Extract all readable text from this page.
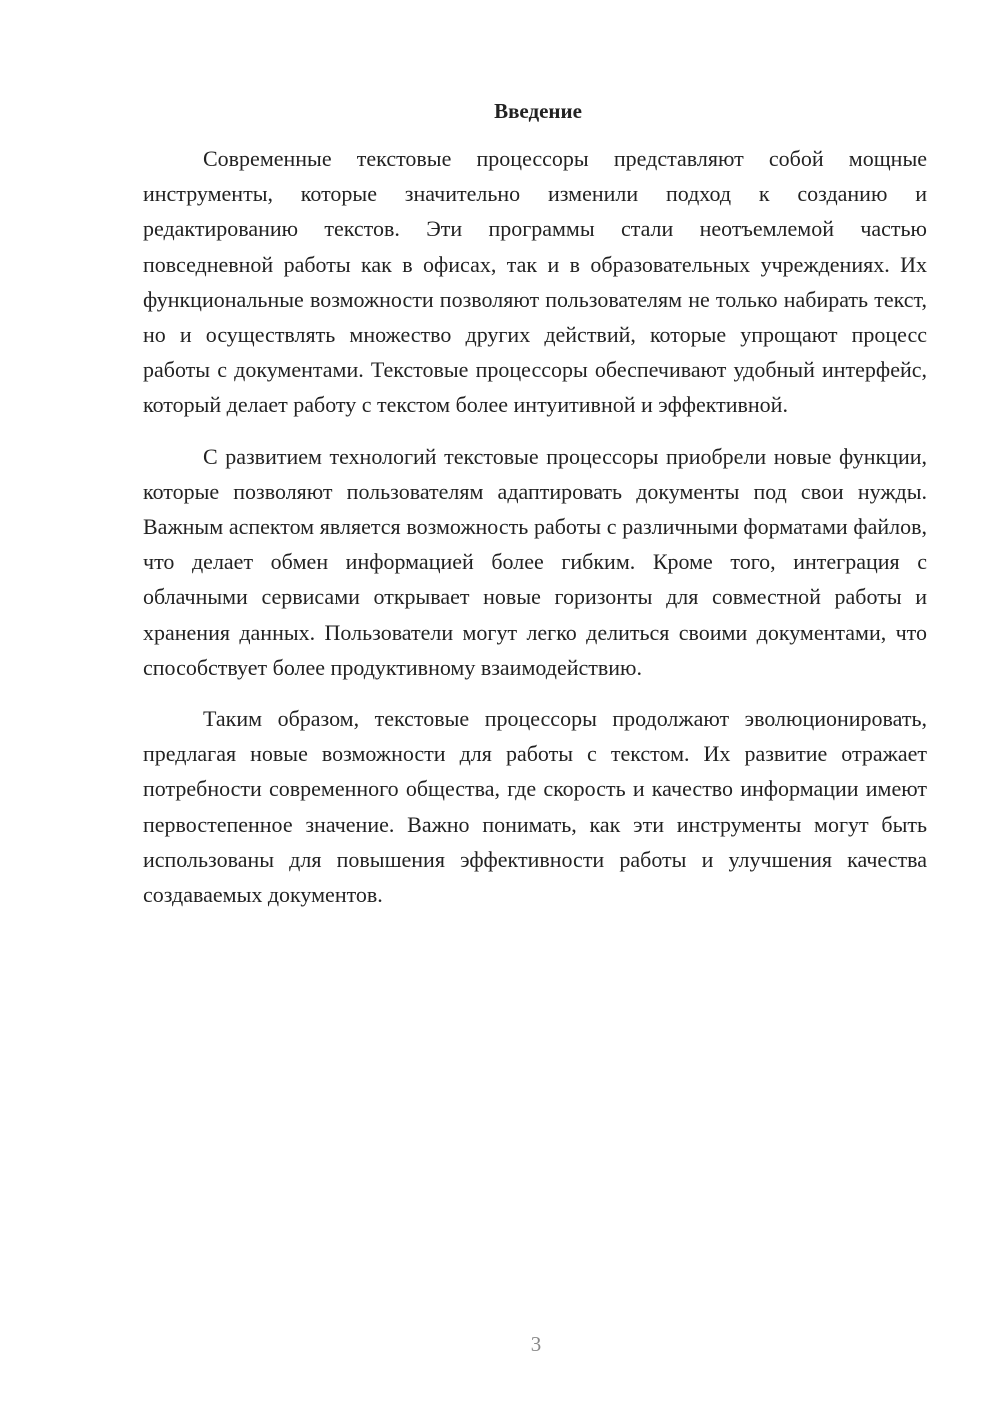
Введение

Современные текстовые процессоры представляют собой мощные инструменты, которые значительно изменили подход к созданию и редактированию текстов. Эти программы стали неотъемлемой частью повседневной работы как в офисах, так и в образовательных учреждениях. Их функциональные возможности позволяют пользователям не только набирать текст, но и осуществлять множество других действий, которые упрощают процесс работы с документами. Текстовые процессоры обеспечивают удобный интерфейс, который делает работу с текстом более интуитивной и эффективной.

С развитием технологий текстовые процессоры приобрели новые функции, которые позволяют пользователям адаптировать документы под свои нужды. Важным аспектом является возможность работы с различными форматами файлов, что делает обмен информацией более гибким. Кроме того, интеграция с облачными сервисами открывает новые горизонты для совместной работы и хранения данных. Пользователи могут легко делиться своими документами, что способствует более продуктивному взаимодействию.

Таким образом, текстовые процессоры продолжают эволюционировать, предлагая новые возможности для работы с текстом. Их развитие отражает потребности современного общества, где скорость и качество информации имеют первостепенное значение. Важно понимать, как эти инструменты могут быть использованы для повышения эффективности работы и улучшения качества создаваемых документов.

3
